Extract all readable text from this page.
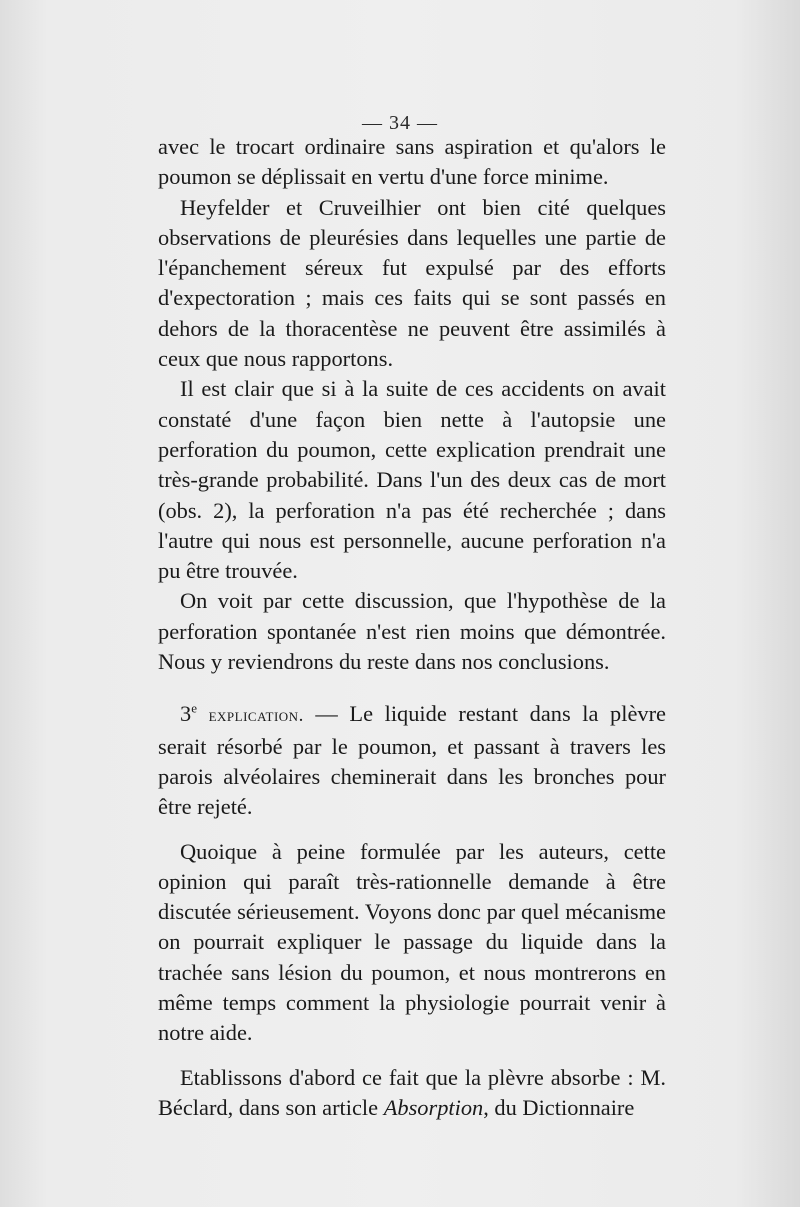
— 34 —

avec le trocart ordinaire sans aspiration et qu'alors le poumon se déplissait en vertu d'une force minime.

Heyfelder et Cruveilhier ont bien cité quelques observations de pleurésies dans lequelles une partie de l'épanchement séreux fut expulsé par des efforts d'expectoration ; mais ces faits qui se sont passés en dehors de la thoracentèse ne peuvent être assimilés à ceux que nous rapportons.

Il est clair que si à la suite de ces accidents on avait constaté d'une façon bien nette à l'autopsie une perforation du poumon, cette explication prendrait une très-grande probabilité. Dans l'un des deux cas de mort (obs. 2), la perforation n'a pas été recherchée ; dans l'autre qui nous est personnelle, aucune perforation n'a pu être trouvée.

On voit par cette discussion, que l'hypothèse de la perforation spontanée n'est rien moins que démontrée. Nous y reviendrons du reste dans nos conclusions.

3e explication. — Le liquide restant dans la plèvre serait résorbé par le poumon, et passant à travers les parois alvéolaires cheminerait dans les bronches pour être rejeté.

Quoique à peine formulée par les auteurs, cette opinion qui paraît très-rationnelle demande à être discutée sérieusement. Voyons donc par quel mécanisme on pourrait expliquer le passage du liquide dans la trachée sans lésion du poumon, et nous montrerons en même temps comment la physiologie pourrait venir à notre aide.

Etablissons d'abord ce fait que la plèvre absorbe : M. Béclard, dans son article Absorption, du Dictionnaire
